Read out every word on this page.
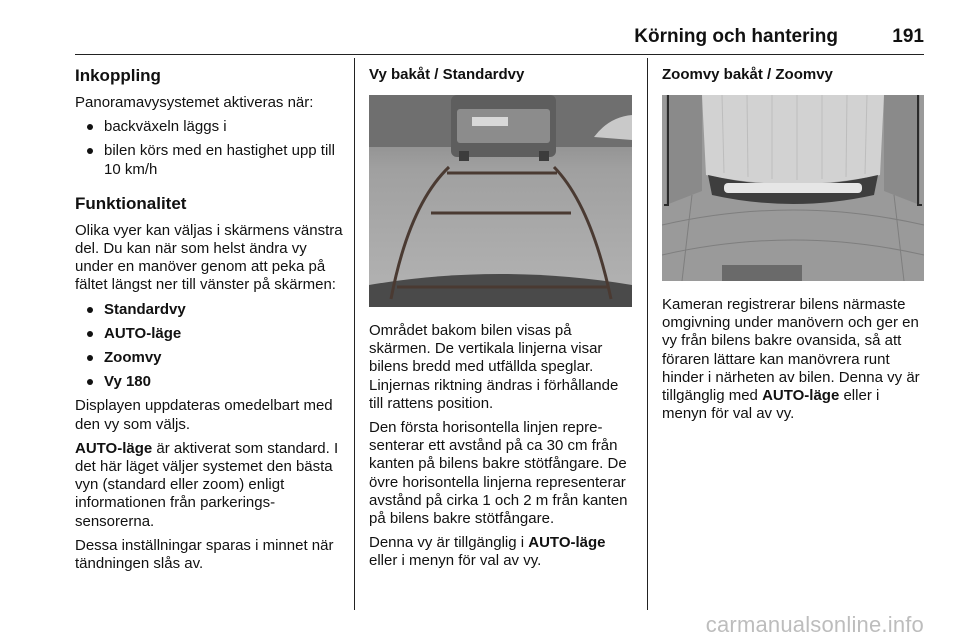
Körning och hantering	191
Inkoppling

Panoramavysystemet aktiveras när:

backväxeln läggs i
bilen körs med en hastighet upp till 10 km/h
Funktionalitet

Olika vyer kan väljas i skärmens vänstra del. Du kan när som helst ändra vy under en manöver genom att peka på fältet längst ner till vänster på skärmen:

Standardvy
AUTO-läge
Zoomvy
Vy 180

Displayen uppdateras omedelbart med den vy som väljs.

AUTO-läge är aktiverat som standard. I det här läget väljer systemet den bästa vyn (standard eller zoom) enligt informationen från parkeringssensorerna.

Dessa inställningar sparas i minnet när tändningen slås av.

Vy bakåt / Standardvy

Området bakom bilen visas på skärmen. De vertikala linjerna visar bilens bredd med utfällda speglar. Linjernas riktning ändras i förhållande till rattens position.

Den första horisontella linjen representerar ett avstånd på ca 30 cm från kanten på bilens bakre stötfångare. De övre horisontella linjerna representerar avstånd på cirka 1 och 2 m från kanten på bilens bakre stötfångare.

Denna vy är tillgänglig i AUTO-läge eller i menyn för val av vy.

Zoomvy bakåt / Zoomvy

Kameran registrerar bilens närmaste omgivning under manövern och ger en vy från bilens bakre ovansida, så att föraren lättare kan manövrera runt hinder i närheten av bilen. Denna vy är tillgänglig med AUTO-läge eller i menyn för val av vy.

carmanualsonline.info
